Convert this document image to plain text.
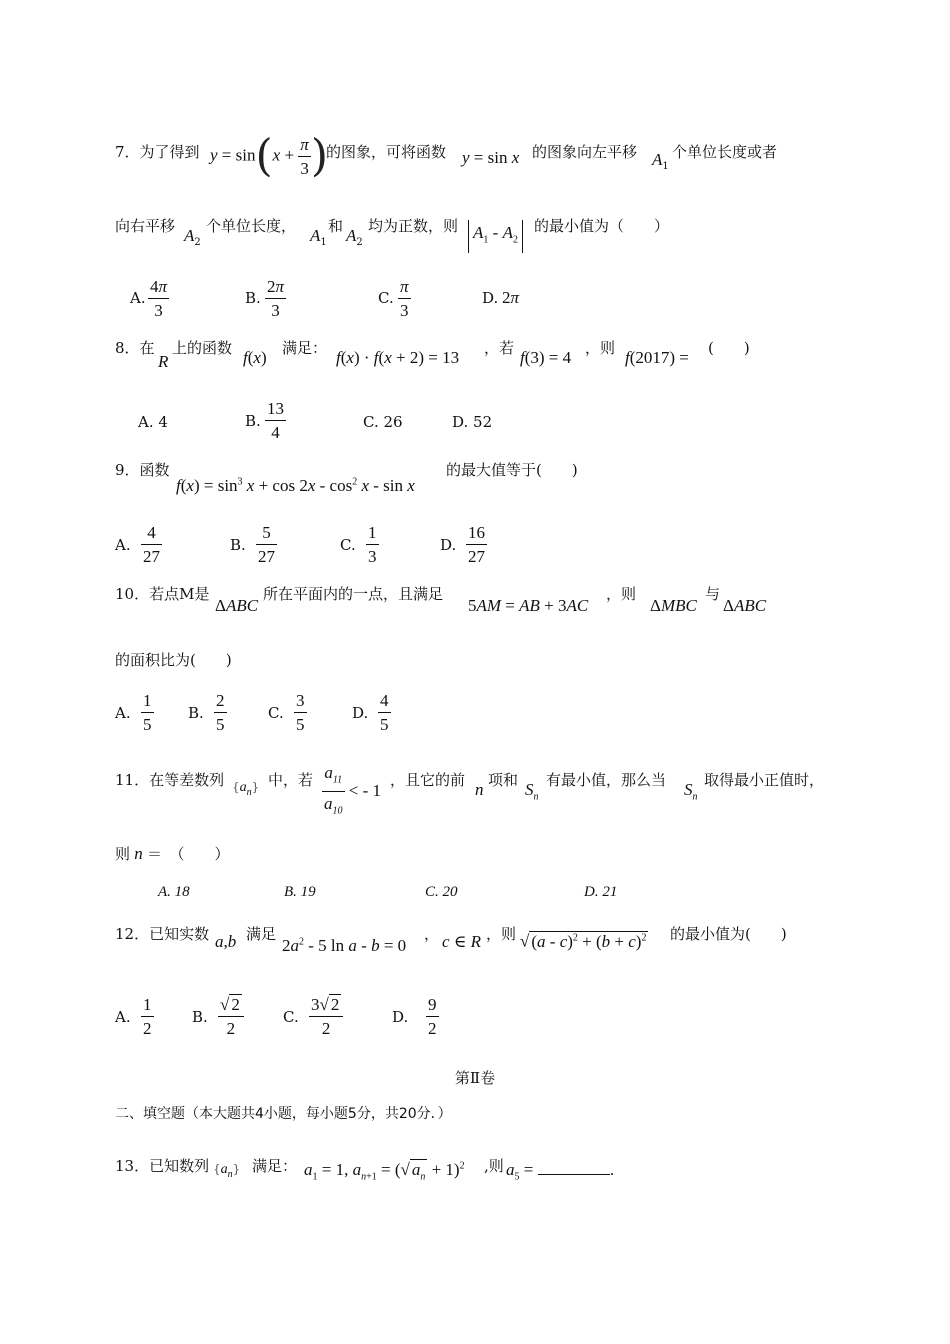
7．为了得到 $y = \sin(x + \frac{\pi}{3}$ )
的图象，可将函数 y = sin x 的图象向左平移 $A_1$
个单位长度或者
向右平移 $A_2$
个单位长度， $A_1$
和 $A_2$
均为正数，则 $A_1 - A_2$
的最小值为（　　）
A. $\frac{4\pi}{3}$	B. $\frac{2\pi}{3}$	C. $\frac{\pi}{3}$	D. 2π
8．在
R
上的函数 f(x) 满足： f(x) · f(x + 2) = 13 ，若 f(3) = 4 ，则 f(2017) = (　　)
A. 4	B. $\frac{13}{4}$	C. 26	D. 52
9．函数
$f(x) = \sin^3 x + \cos 2x - \cos^2 x - \sin x$
的最大值等于(　　)
A. $\frac{4}{27}$	B. $\frac{5}{27}$	C. $\frac{1}{3}$	D. $\frac{16}{27}$
10．若点M是
ΔABC
所在平面内的一点，且满足
5AM = AB + 3AC
，则
ΔMBC
与
ΔABC
的面积比为(　　)
A. $\frac{1}{5} B$. $\frac{2}{5}$	C. $\frac{3}{5}$	D. $\frac{4}{5}$
11．在等差数列 $\{a_n\}$ 中，若 $\frac{a_{11}}{a_{10}}$ < - 1
，且它的前 n 项和 $S_n$
有最小值，那么当 $S_n$
取得最小正值时，
则 n ＝　（　　）
A. 18	B. 19	C. 20	D. 21
12．已知实数 a,b 满足
$2a^2 - 5$ ln a - b = 0
， c ∈ R ，则 √ $(a - c)^2 + (b + c)^2$ 的最小值为(　　)
A. $\frac{1}{2}$	B. $\frac{√ 2}{2}$	C. $\frac{3√ 2}{2}$	D. $\frac{9}{2}$
第Ⅱ卷
二、填空题（本大题共4小题，每小题5分，共20分．）
13．已知数列 $\{a_n\}$ 满足： $a_1 = 1$, $a_{n+1}$ = (√ $a_n + 1)^2$ ,则 $a_5$ =	.
